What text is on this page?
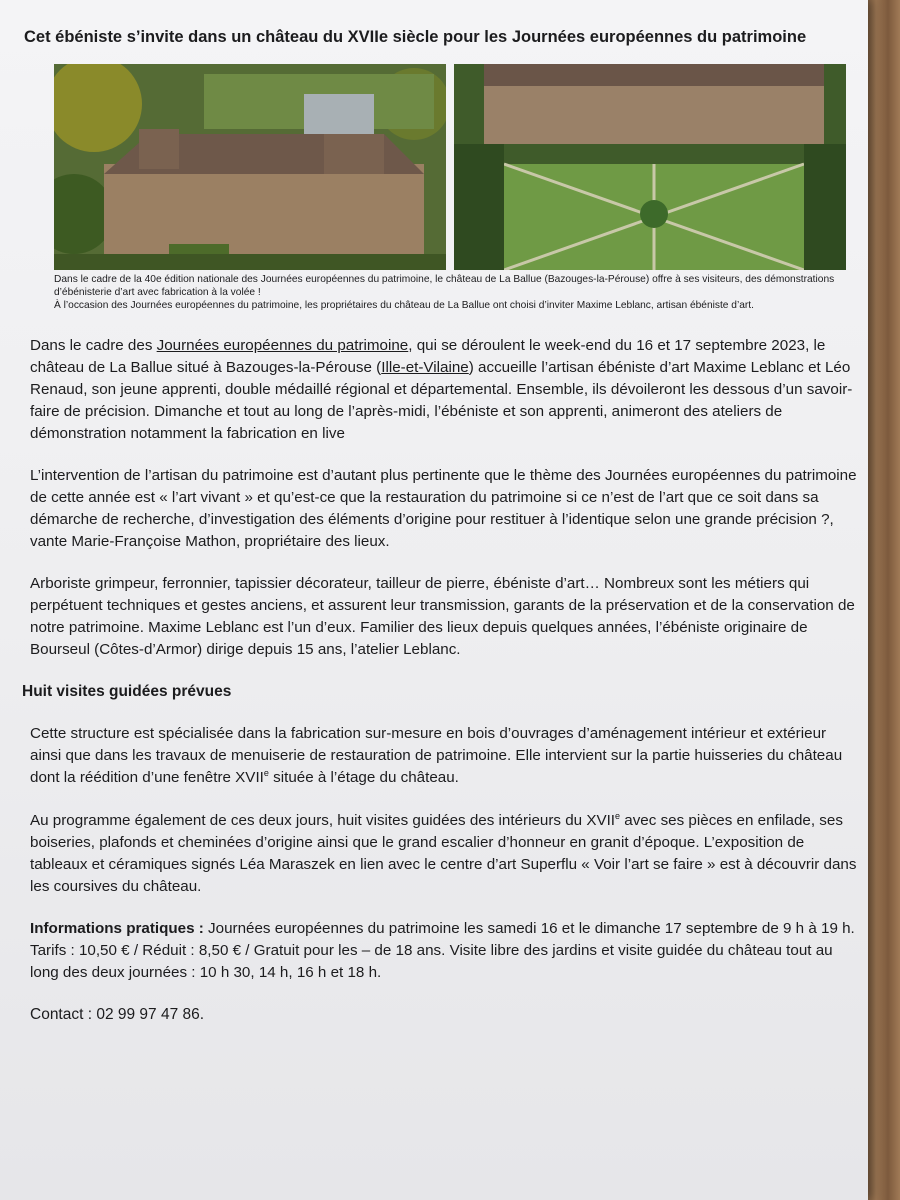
Cet ébéniste s’invite dans un château du XVIIe siècle pour les Journées européennes du patrimoine

Dans le cadre de la 40e édition nationale des Journées européennes du patrimoine, le château de La Ballue (Bazouges-la-Pérouse) offre à ses visiteurs, des démonstrations d’ébénisterie d’art avec fabrication à la volée !

À l’occasion des Journées européennes du patrimoine, les propriétaires du château de La Ballue ont choisi d’inviter Maxime Leblanc, artisan ébéniste d’art.

Dans le cadre des Journées européennes du patrimoine, qui se déroulent le week-end du 16 et 17 septembre 2023, le château de La Ballue situé à Bazouges-la-Pérouse (Ille-et-Vilaine) accueille l’artisan ébéniste d’art Maxime Leblanc et Léo Renaud, son jeune apprenti, double médaillé régional et départemental. Ensemble, ils dévoileront les dessous d’un savoir-faire de précision. Dimanche et tout au long de l’après-midi, l’ébéniste et son apprenti, animeront des ateliers de démonstration notamment la fabrication en live

L’intervention de l’artisan du patrimoine est d’autant plus pertinente que le thème des Journées européennes du patrimoine de cette année est « l’art vivant » et qu’est-ce que la restauration du patrimoine si ce n’est de l’art que ce soit dans sa démarche de recherche, d’investigation des éléments d’origine pour restituer à l’identique selon une grande précision ?, vante Marie-Françoise Mathon, propriétaire des lieux.

Arboriste grimpeur, ferronnier, tapissier décorateur, tailleur de pierre, ébéniste d’art… Nombreux sont les métiers qui perpétuent techniques et gestes anciens, et assurent leur transmission, garants de la préservation et de la conservation de notre patrimoine. Maxime Leblanc est l’un d’eux. Familier des lieux depuis quelques années, l’ébéniste originaire de Bourseul (Côtes-d’Armor) dirige depuis 15 ans, l’atelier Leblanc.

Huit visites guidées prévues

Cette structure est spécialisée dans la fabrication sur-mesure en bois d’ouvrages d’aménagement intérieur et extérieur ainsi que dans les travaux de menuiserie de restauration de patrimoine. Elle intervient sur la partie huisseries du château dont la réédition d’une fenêtre XVIIe située à l’étage du château.

Au programme également de ces deux jours, huit visites guidées des intérieurs du XVIIe avec ses pièces en enfilade, ses boiseries, plafonds et cheminées d’origine ainsi que le grand escalier d’honneur en granit d’époque. L’exposition de tableaux et céramiques signés Léa Maraszek en lien avec le centre d’art Superflu « Voir l’art se faire » est à découvrir dans les coursives du château.

Informations pratiques : Journées européennes du patrimoine les samedi 16 et le dimanche 17 septembre de 9 h à 19 h. Tarifs : 10,50 € / Réduit : 8,50 € / Gratuit pour les – de 18 ans. Visite libre des jardins et visite guidée du château tout au long des deux journées : 10 h 30, 14 h, 16 h et 18 h.

Contact : 02 99 97 47 86.
